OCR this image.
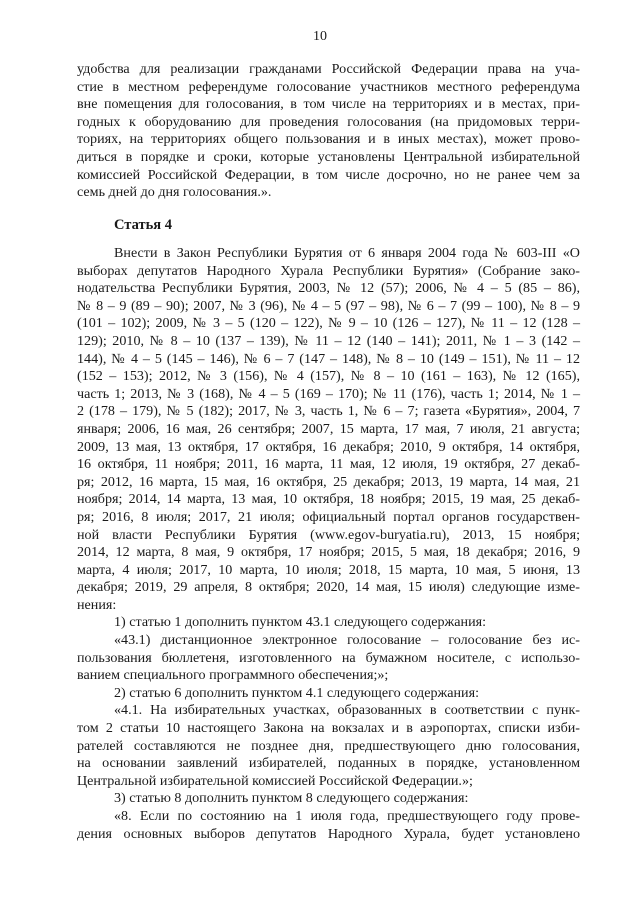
10
удобства для реализации гражданами Российской Федерации права на уча-
стие в местном референдуме голосование участников местного референдума
вне помещения для голосования, в том числе на территориях и в местах, при-
годных к оборудованию для проведения голосования (на придомовых терри-
ториях, на территориях общего пользования и в иных местах), может прово-
диться в порядке и сроки, которые установлены Центральной избирательной
комиссией Российской Федерации, в том числе досрочно, но не ранее чем за
семь дней до дня голосования.».
Статья 4
Внести в Закон Республики Бурятия от 6 января 2004 года № 603-III «О
выборах депутатов Народного Хурала Республики Бурятия» (Собрание зако-
нодательства Республики Бурятия, 2003, № 12 (57); 2006, № 4 – 5 (85 – 86),
№ 8 – 9 (89 – 90); 2007, № 3 (96), № 4 – 5 (97 – 98), № 6 – 7 (99 – 100), № 8 – 9
(101 – 102); 2009, № 3 – 5 (120 – 122), № 9 – 10 (126 – 127), № 11 – 12 (128 –
129); 2010, № 8 – 10 (137 – 139), № 11 – 12 (140 – 141); 2011, № 1 – 3 (142 –
144), № 4 – 5 (145 – 146), № 6 – 7 (147 – 148), № 8 – 10 (149 – 151), № 11 – 12
(152 – 153); 2012, № 3 (156), № 4 (157), № 8 – 10 (161 – 163), № 12 (165),
часть 1; 2013, № 3 (168), № 4 – 5 (169 – 170); № 11 (176), часть 1; 2014, № 1 –
2 (178 – 179), № 5 (182); 2017, № 3, часть 1, № 6 – 7; газета «Бурятия», 2004, 7
января; 2006, 16 мая, 26 сентября; 2007, 15 марта, 17 мая, 7 июля, 21 августа;
2009, 13 мая, 13 октября, 17 октября, 16 декабря; 2010, 9 октября, 14 октября,
16 октября, 11 ноября; 2011, 16 марта, 11 мая, 12 июля, 19 октября, 27 декаб-
ря; 2012, 16 марта, 15 мая, 16 октября, 25 декабря; 2013, 19 марта, 14 мая, 21
ноября; 2014, 14 марта, 13 мая, 10 октября, 18 ноября; 2015, 19 мая, 25 декаб-
ря; 2016, 8 июля; 2017, 21 июля; официальный портал органов государствен-
ной власти Республики Бурятия (www.egov-buryatia.ru), 2013, 15 ноября;
2014, 12 марта, 8 мая, 9 октября, 17 ноября; 2015, 5 мая, 18 декабря; 2016, 9
марта, 4 июля; 2017, 10 марта, 10 июля; 2018, 15 марта, 10 мая, 5 июня, 13
декабря; 2019, 29 апреля, 8 октября; 2020, 14 мая, 15 июля) следующие изме-
нения:
1) статью 1 дополнить пунктом 43.1 следующего содержания:
«43.1) дистанционное электронное голосование – голосование без ис-
пользования бюллетеня, изготовленного на бумажном носителе, с использо-
ванием специального программного обеспечения;»;
2) статью 6 дополнить пунктом 4.1 следующего содержания:
«4.1. На избирательных участках, образованных в соответствии с пунк-
том 2 статьи 10 настоящего Закона на вокзалах и в аэропортах, списки изби-
рателей составляются не позднее дня, предшествующего дню голосования,
на основании заявлений избирателей, поданных в порядке, установленном
Центральной избирательной комиссией Российской Федерации.»;
3) статью 8 дополнить пунктом 8 следующего содержания:
«8. Если по состоянию на 1 июля года, предшествующего году прове-
дения основных выборов депутатов Народного Хурала, будет установлено
